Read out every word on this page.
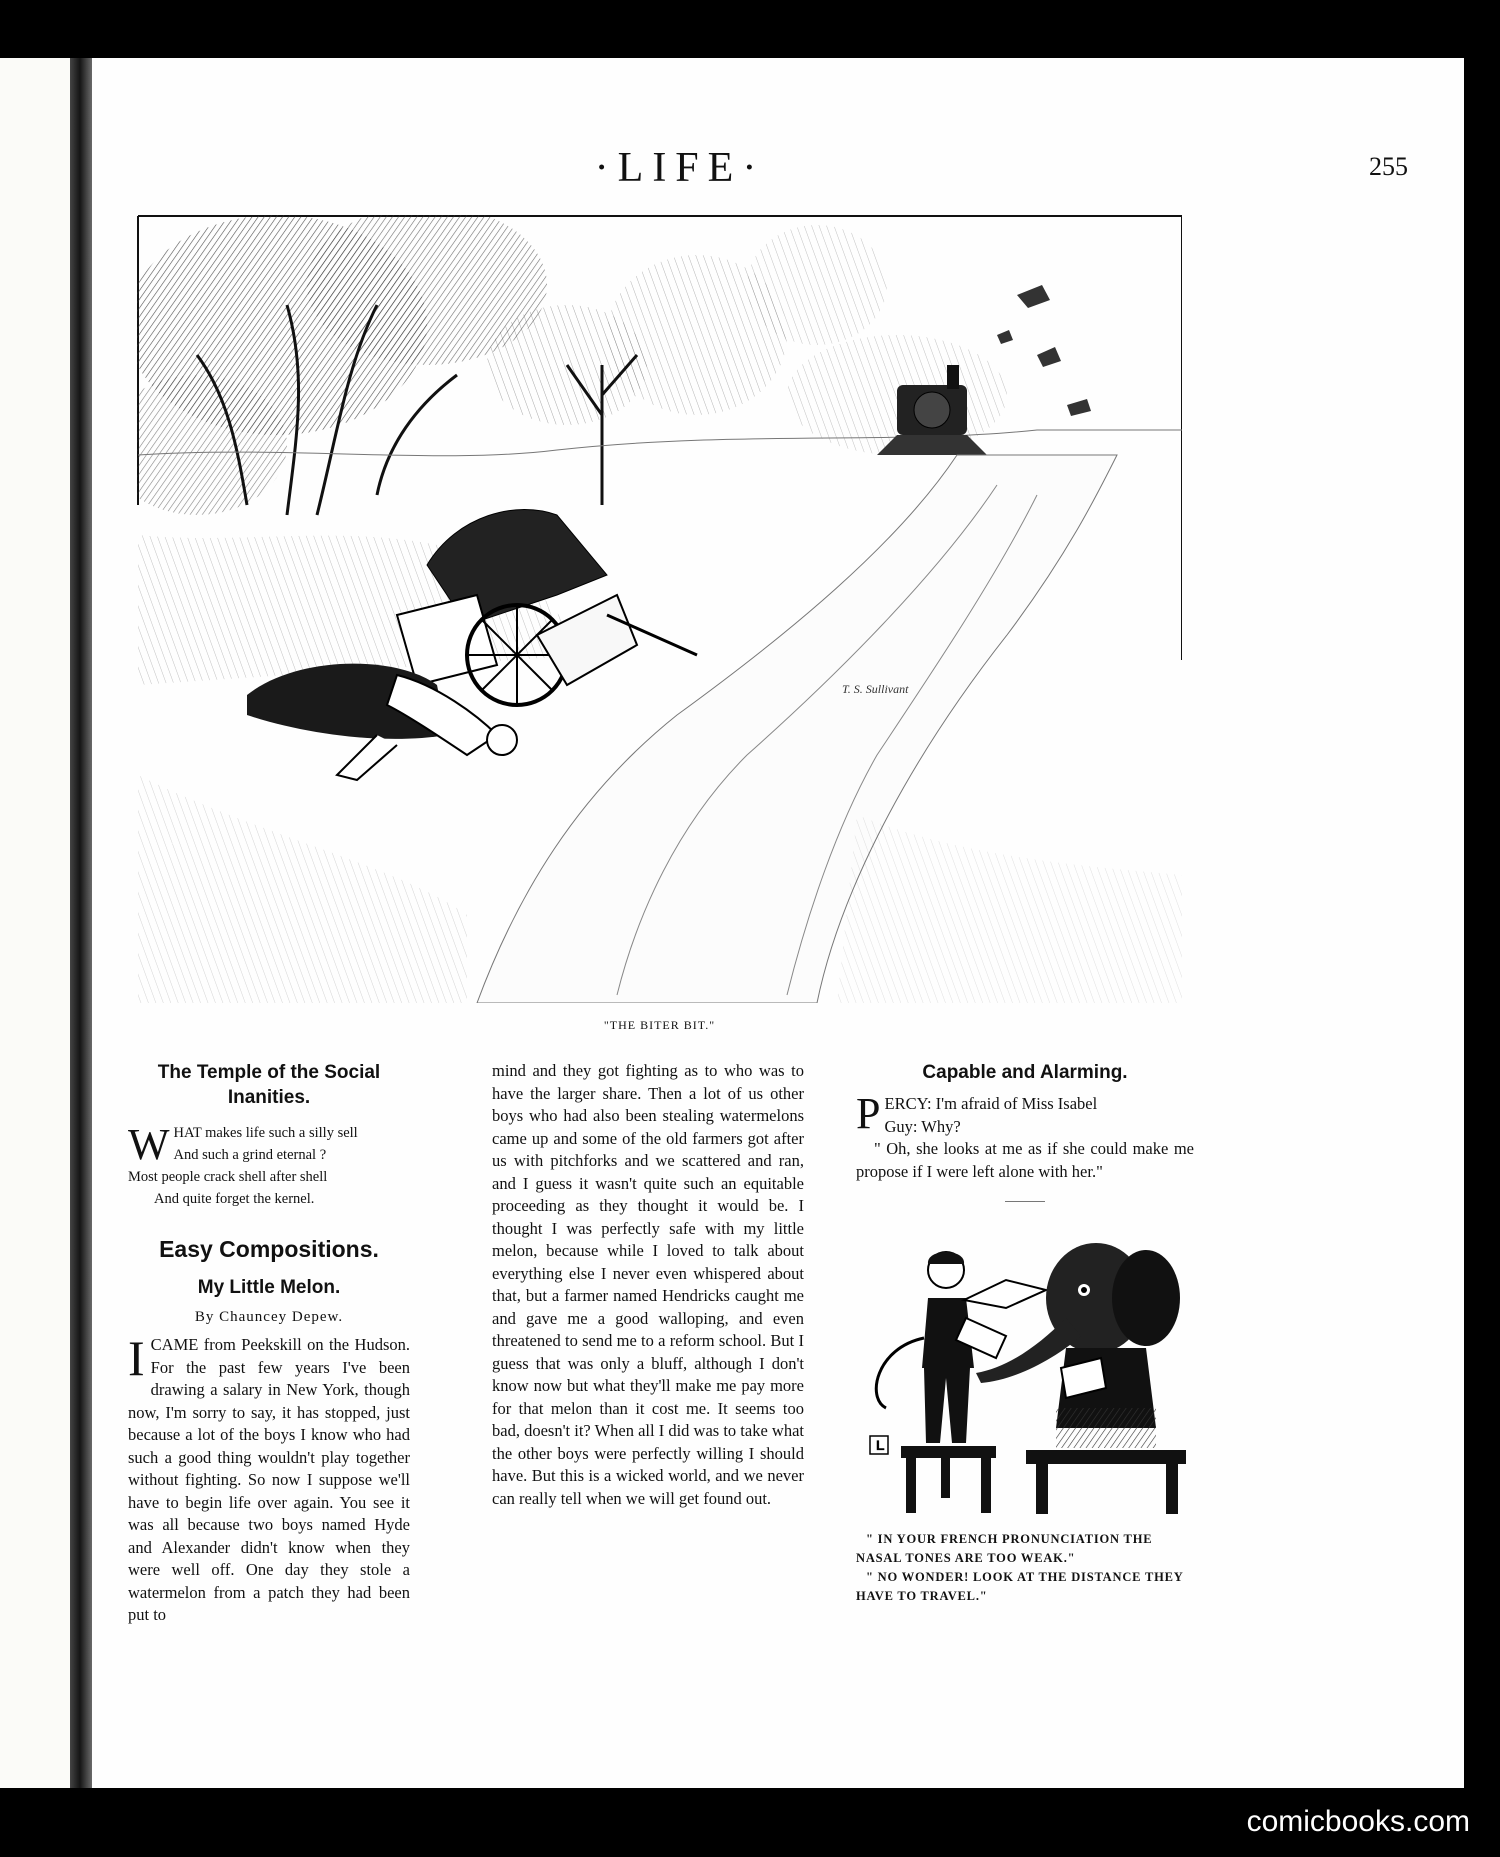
·LIFE·	255
T. S. Sullivant
"THE BITER BIT."
The Temple of the Social Inanities.
W HAT makes life such a silly sell
And such a grind eternal ?
Most people crack shell after shell
And quite forget the kernel.
Easy Compositions.
My Little Melon.
By Chauncey Depew.

ICAME from Peekskill on the Hudson. For the past few years I've been drawing a salary in New York, though now, I'm sorry to say, it has stopped, just because a lot of the boys I know who had such a good thing wouldn't play together without fighting. So now I suppose we'll have to begin life over again. You see it was all because two boys named Hyde and Alexander didn't know when they were well off. One day they stole a watermelon from a patch they had been put to

mind and they got fighting as to who was to have the larger share. Then a lot of us other boys who had also been stealing watermelons came up and some of the old farmers got after us with pitchforks and we scattered and ran, and I guess it wasn't quite such an equitable proceeding as they thought it would be. I thought I was perfectly safe with my little melon, because while I loved to talk about everything else I never even whispered about that, but a farmer named Hendricks caught me and gave me a good walloping, and even threatened to send me to a reform school. But I guess that was only a bluff, although I don't know now but what they'll make me pay more for that melon than it cost me. It seems too bad, doesn't it? When all I did was to take what the other boys were perfectly willing I should have. But this is a wicked world, and we never can really tell when we will get found out.

Capable and Alarming.
P ERCY: I'm afraid of Miss Isabel
Guy: Why?
" Oh, she looks at me as if she could make me propose if I were left alone with her."
L
" IN YOUR FRENCH PRONUNCIATION THE NASAL TONES ARE TOO WEAK."
" NO WONDER! LOOK AT THE DISTANCE THEY HAVE TO TRAVEL."
comicbooks.com
